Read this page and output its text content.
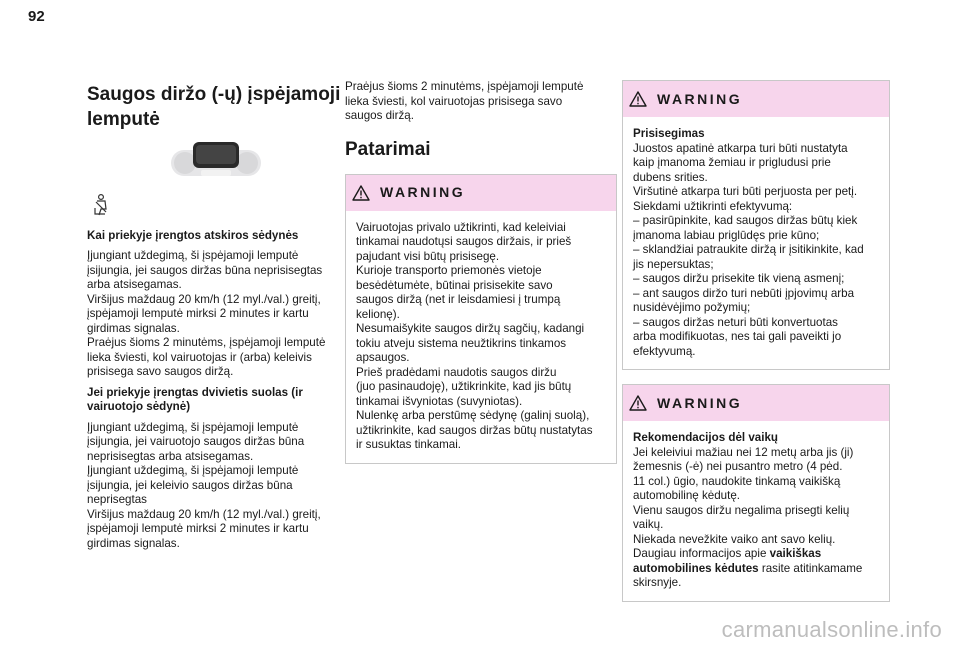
92
Saugos diržo (-ų) įspėjamoji
lemputė
Kai priekyje įrengtos atskiros sėdynės

Įjungiant uždegimą, ši įspėjamoji lemputė
įsijungia, jei saugos diržas būna neprisisegtas
arba atsisegamas.
Viršijus maždaug 20 km/h (12 myl./val.) greitį,
įspėjamoji lemputė mirksi 2 minutes ir kartu
girdimas signalas.
Praėjus šioms 2 minutėms, įspėjamoji lemputė
lieka šviesti, kol vairuotojas ir (arba) keleivis
prisisega savo saugos diržą.

Jei priekyje įrengtas dvivietis suolas (ir
vairuotojo sėdynė)

Įjungiant uždegimą, ši įspėjamoji lemputė
įsijungia, jei vairuotojo saugos diržas būna
neprisisegtas arba atsisegamas.
Įjungiant uždegimą, ši įspėjamoji lemputė
įsijungia, jei keleivio saugos diržas būna
neprisegtas
Viršijus maždaug 20 km/h (12 myl./val.) greitį,
įspėjamoji lemputė mirksi 2 minutes ir kartu
girdimas signalas.

Praėjus šioms 2 minutėms, įspėjamoji lemputė
lieka šviesti, kol vairuotojas prisisega savo
saugos diržą.

Patarimai
WARNING
Vairuotojas privalo užtikrinti, kad keleiviai
tinkamai naudotųsi saugos diržais, ir prieš
pajudant visi būtų prisisegę.
Kurioje transporto priemonės vietoje
besėdėtumėte, būtinai prisisekite savo
saugos diržą (net ir leisdamiesi į trumpą
kelionę).
Nesumaišykite saugos diržų sagčių, kadangi
tokiu atveju sistema neužtikrins tinkamos
apsaugos.
Prieš pradėdami naudotis saugos diržu
(juo pasinaudoję), užtikrinkite, kad jis būtų
tinkamai išvyniotas (suvyniotas).
Nulenkę arba perstūmę sėdynę (galinį suolą),
užtikrinkite, kad saugos diržas būtų nustatytas
ir susuktas tinkamai.
WARNING
Prisisegimas
Juostos apatinė atkarpa turi būti nustatyta
kaip įmanoma žemiau ir prigludusi prie
dubens srities.
Viršutinė atkarpa turi būti perjuosta per petį.
Siekdami užtikrinti efektyvumą:
– pasirūpinkite, kad saugos diržas būtų kiek
įmanoma labiau priglūdęs prie kūno;
– sklandžiai patraukite diržą ir įsitikinkite, kad
jis nepersuktas;
– saugos diržu prisekite tik vieną asmenį;
– ant saugos diržo turi nebūti įpjovimų arba
nusidėvėjimo požymių;
– saugos diržas neturi būti konvertuotas
arba modifikuotas, nes tai gali paveikti jo
efektyvumą.
WARNING
Rekomendacijos dėl vaikų
Jei keleiviui mažiau nei 12 metų arba jis (ji)
žemesnis (-ė) nei pusantro metro (4 pėd.
11 col.) ūgio, naudokite tinkamą vaikišką
automobilinę kėdutę.
Vienu saugos diržu negalima prisegti kelių
vaikų.
Niekada nevežkite vaiko ant savo kelių.
Daugiau informacijos apie vaikiškas
automobilines kėdutes rasite atitinkamame
skirsnyje.
carmanualsonline.info
